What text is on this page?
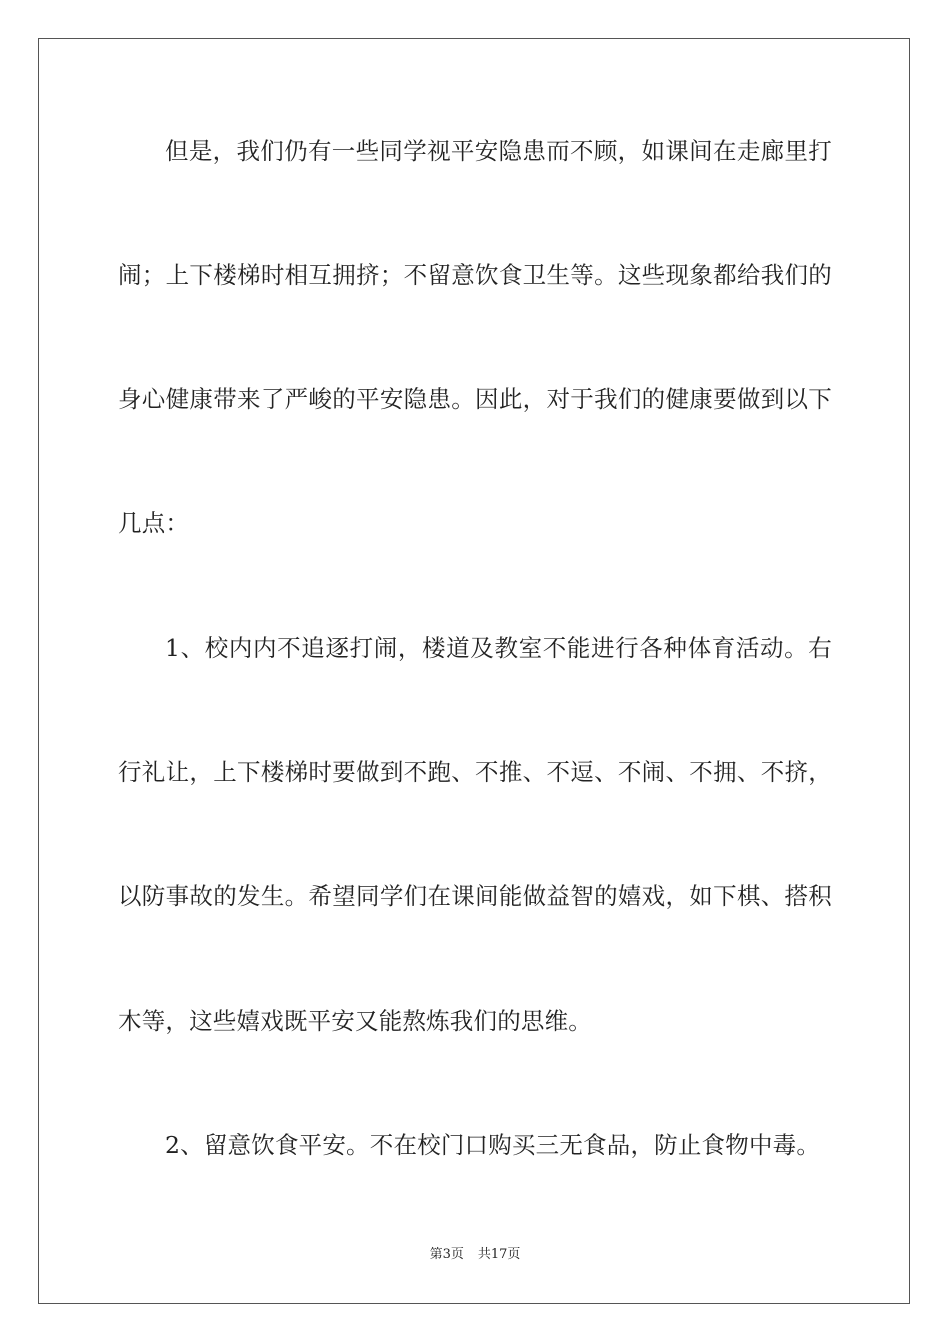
但是，我们仍有一些同学视平安隐患而不顾，如课间在走廊里打
闹；上下楼梯时相互拥挤；不留意饮食卫生等。这些现象都给我们的
身心健康带来了严峻的平安隐患。因此，对于我们的健康要做到以下
几点：
1、校内内不追逐打闹，楼道及教室不能进行各种体育活动。右
行礼让，上下楼梯时要做到不跑、不推、不逗、不闹、不拥、不挤，
以防事故的发生。希望同学们在课间能做益智的嬉戏，如下棋、搭积
木等，这些嬉戏既平安又能熬炼我们的思维。
2、留意饮食平安。不在校门口购买三无食品，防止食物中毒。
第3页 共17页
